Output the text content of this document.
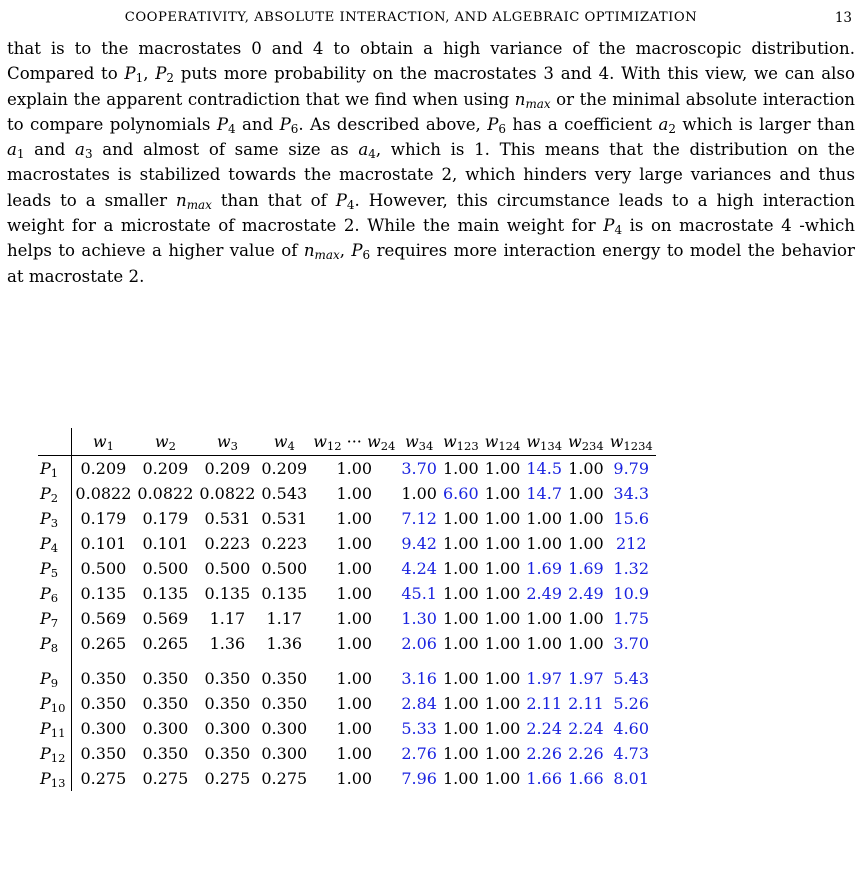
COOPERATIVITY, ABSOLUTE INTERACTION, AND ALGEBRAIC OPTIMIZATION	13
that is to the macrostates 0 and 4 to obtain a high variance of the macroscopic distribution. Compared to $P_1$, $P_2$ puts more probability on the macrostates 3 and 4. With this view, we can also explain the apparent contradiction that we find when using $n_{max}$ or the minimal absolute interaction to compare polynomials $P_4$ and $P_6$. As described above, $P_6$ has a coefficient $a_2$ which is larger than $a_1$ and $a_3$ and almost of same size as $a_4$, which is 1. This means that the distribution on the macrostates is stabilized towards the macrostate 2, which hinders very large variances and thus leads to a smaller $n_{max}$ than that of $P_4$. However, this circumstance leads to a high interaction weight for a microstate of macrostate 2. While the main weight for $P_4$ is on macrostate 4 -which helps to achieve a higher value of $n_{max}$, $P_6$ requires more interaction energy to model the behavior at macrostate 2.
	$w_1$	$w_2$	$w_3$	$w_4$	$w_{12}$ ··· $w_{24}$	$w_{34}$	$w_{123}$	$w_{124}$	$w_{134}$	$w_{234}$	$w_{1234}$
$P_1$	0.209	0.209	0.209	0.209	1.00	3.70	1.00	1.00	14.5	1.00	9.79
$P_2$	0.0822	0.0822	0.0822	0.543	1.00	1.00	6.60	1.00	14.7	1.00	34.3
$P_3$	0.179	0.179	0.531	0.531	1.00	7.12	1.00	1.00	1.00	1.00	15.6
$P_4$	0.101	0.101	0.223	0.223	1.00	9.42	1.00	1.00	1.00	1.00	212
$P_5$	0.500	0.500	0.500	0.500	1.00	4.24	1.00	1.00	1.69	1.69	1.32
$P_6$	0.135	0.135	0.135	0.135	1.00	45.1	1.00	1.00	2.49	2.49	10.9
$P_7$	0.569	0.569	1.17	1.17	1.00	1.30	1.00	1.00	1.00	1.00	1.75
$P_8$	0.265	0.265	1.36	1.36	1.00	2.06	1.00	1.00	1.00	1.00	3.70

$P_9$	0.350	0.350	0.350	0.350	1.00	3.16	1.00	1.00	1.97	1.97	5.43
$P_{10}$	0.350	0.350	0.350	0.350	1.00	2.84	1.00	1.00	2.11	2.11	5.26
$P_{11}$	0.300	0.300	0.300	0.300	1.00	5.33	1.00	1.00	2.24	2.24	4.60
$P_{12}$	0.350	0.350	0.350	0.300	1.00	2.76	1.00	1.00	2.26	2.26	4.73
$P_{13}$	0.275	0.275	0.275	0.275	1.00	7.96	1.00	1.00	1.66	1.66	8.01
